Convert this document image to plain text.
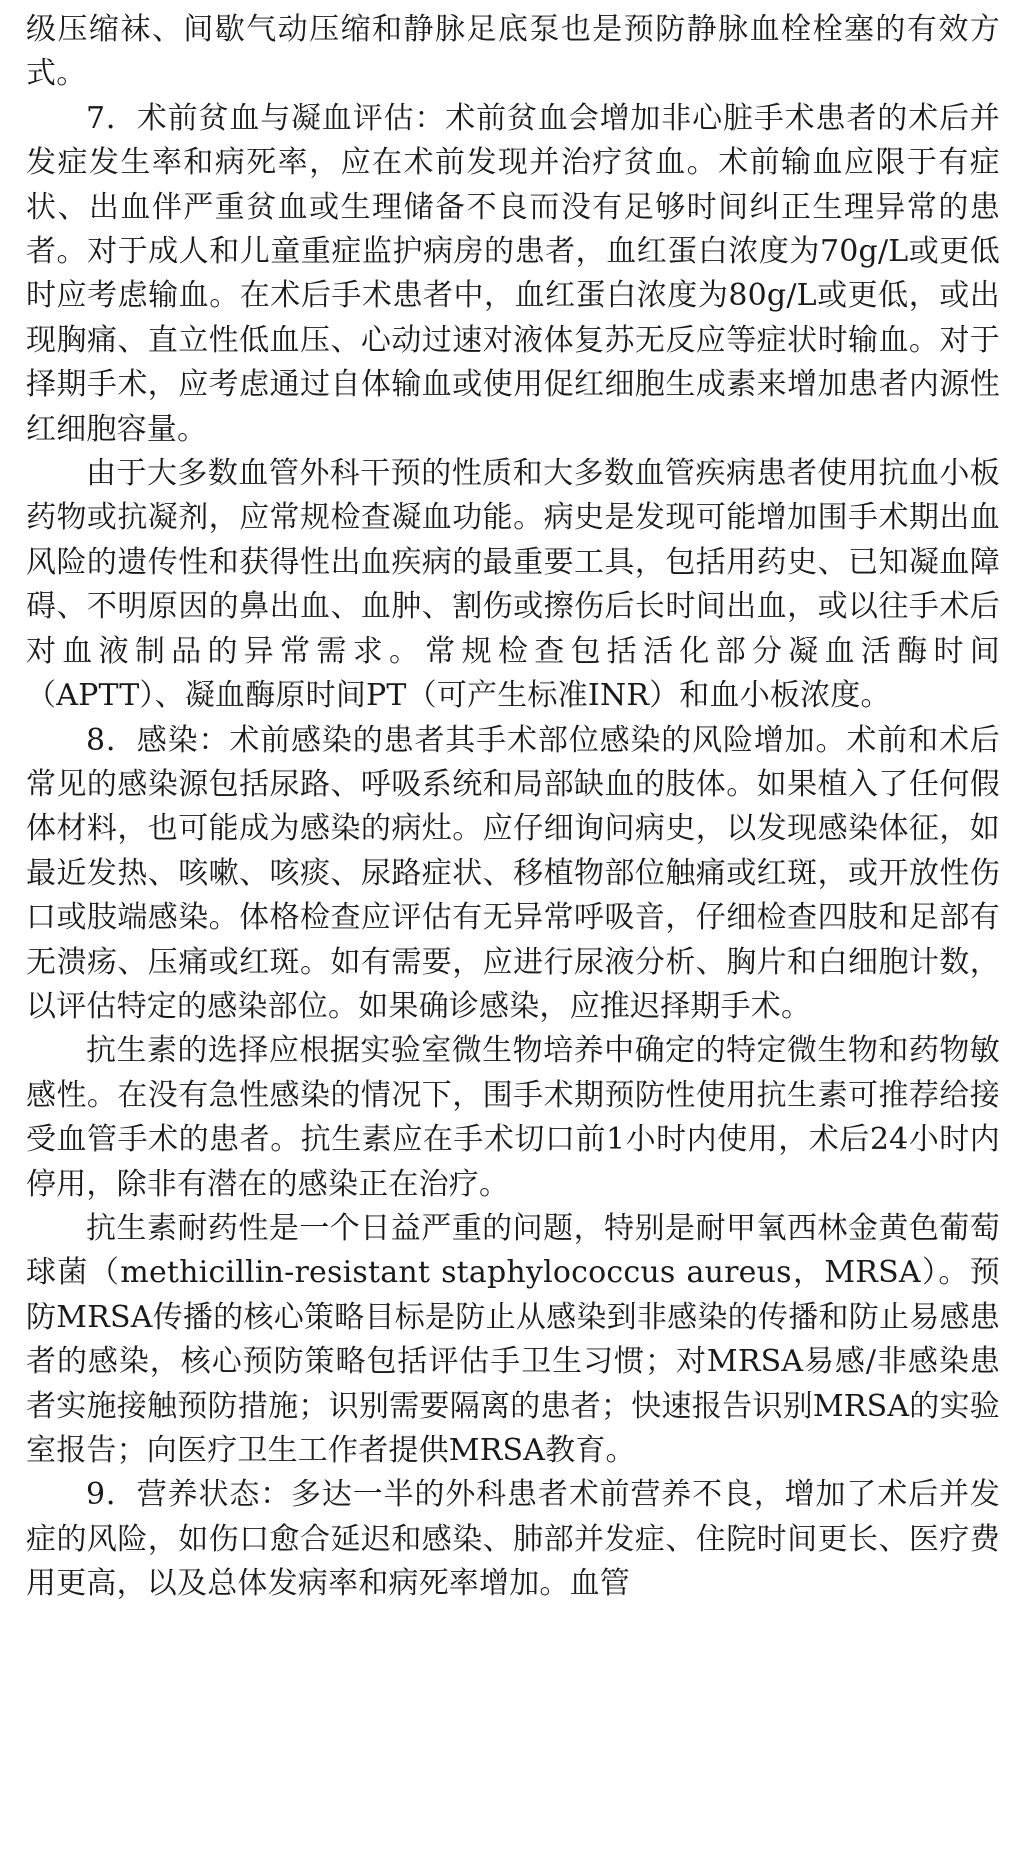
级压缩袜、间歇气动压缩和静脉足底泵也是预防静脉血栓栓塞的有效方式。

7．术前贫血与凝血评估：术前贫血会增加非心脏手术患者的术后并发症发生率和病死率，应在术前发现并治疗贫血。术前输血应限于有症状、出血伴严重贫血或生理储备不良而没有足够时间纠正生理异常的患者。对于成人和儿童重症监护病房的患者，血红蛋白浓度为70g/L或更低时应考虑输血。在术后手术患者中，血红蛋白浓度为80g/L或更低，或出现胸痛、直立性低血压、心动过速对液体复苏无反应等症状时输血。对于择期手术，应考虑通过自体输血或使用促红细胞生成素来增加患者内源性红细胞容量。

由于大多数血管外科干预的性质和大多数血管疾病患者使用抗血小板药物或抗凝剂，应常规检查凝血功能。病史是发现可能增加围手术期出血风险的遗传性和获得性出血疾病的最重要工具，包括用药史、已知凝血障碍、不明原因的鼻出血、血肿、割伤或擦伤后长时间出血，或以往手术后对血液制品的异常需求。常规检查包括活化部分凝血活酶时间（APTT）、凝血酶原时间PT（可产生标准INR）和血小板浓度。

8．感染：术前感染的患者其手术部位感染的风险增加。术前和术后常见的感染源包括尿路、呼吸系统和局部缺血的肢体。如果植入了任何假体材料，也可能成为感染的病灶。应仔细询问病史，以发现感染体征，如最近发热、咳嗽、咳痰、尿路症状、移植物部位触痛或红斑，或开放性伤口或肢端感染。体格检查应评估有无异常呼吸音，仔细检查四肢和足部有无溃疡、压痛或红斑。如有需要，应进行尿液分析、胸片和白细胞计数，以评估特定的感染部位。如果确诊感染，应推迟择期手术。

抗生素的选择应根据实验室微生物培养中确定的特定微生物和药物敏感性。在没有急性感染的情况下，围手术期预防性使用抗生素可推荐给接受血管手术的患者。抗生素应在手术切口前1小时内使用，术后24小时内停用，除非有潜在的感染正在治疗。

抗生素耐药性是一个日益严重的问题，特别是耐甲氧西林金黄色葡萄球菌（methicillin-resistant staphylococcus aureus，MRSA）。预防MRSA传播的核心策略目标是防止从感染到非感染的传播和防止易感患者的感染，核心预防策略包括评估手卫生习惯；对MRSA易感/非感染患者实施接触预防措施；识别需要隔离的患者；快速报告识别MRSA的实验室报告；向医疗卫生工作者提供MRSA教育。

9．营养状态：多达一半的外科患者术前营养不良，增加了术后并发症的风险，如伤口愈合延迟和感染、肺部并发症、住院时间更长、医疗费用更高，以及总体发病率和病死率增加。血管
